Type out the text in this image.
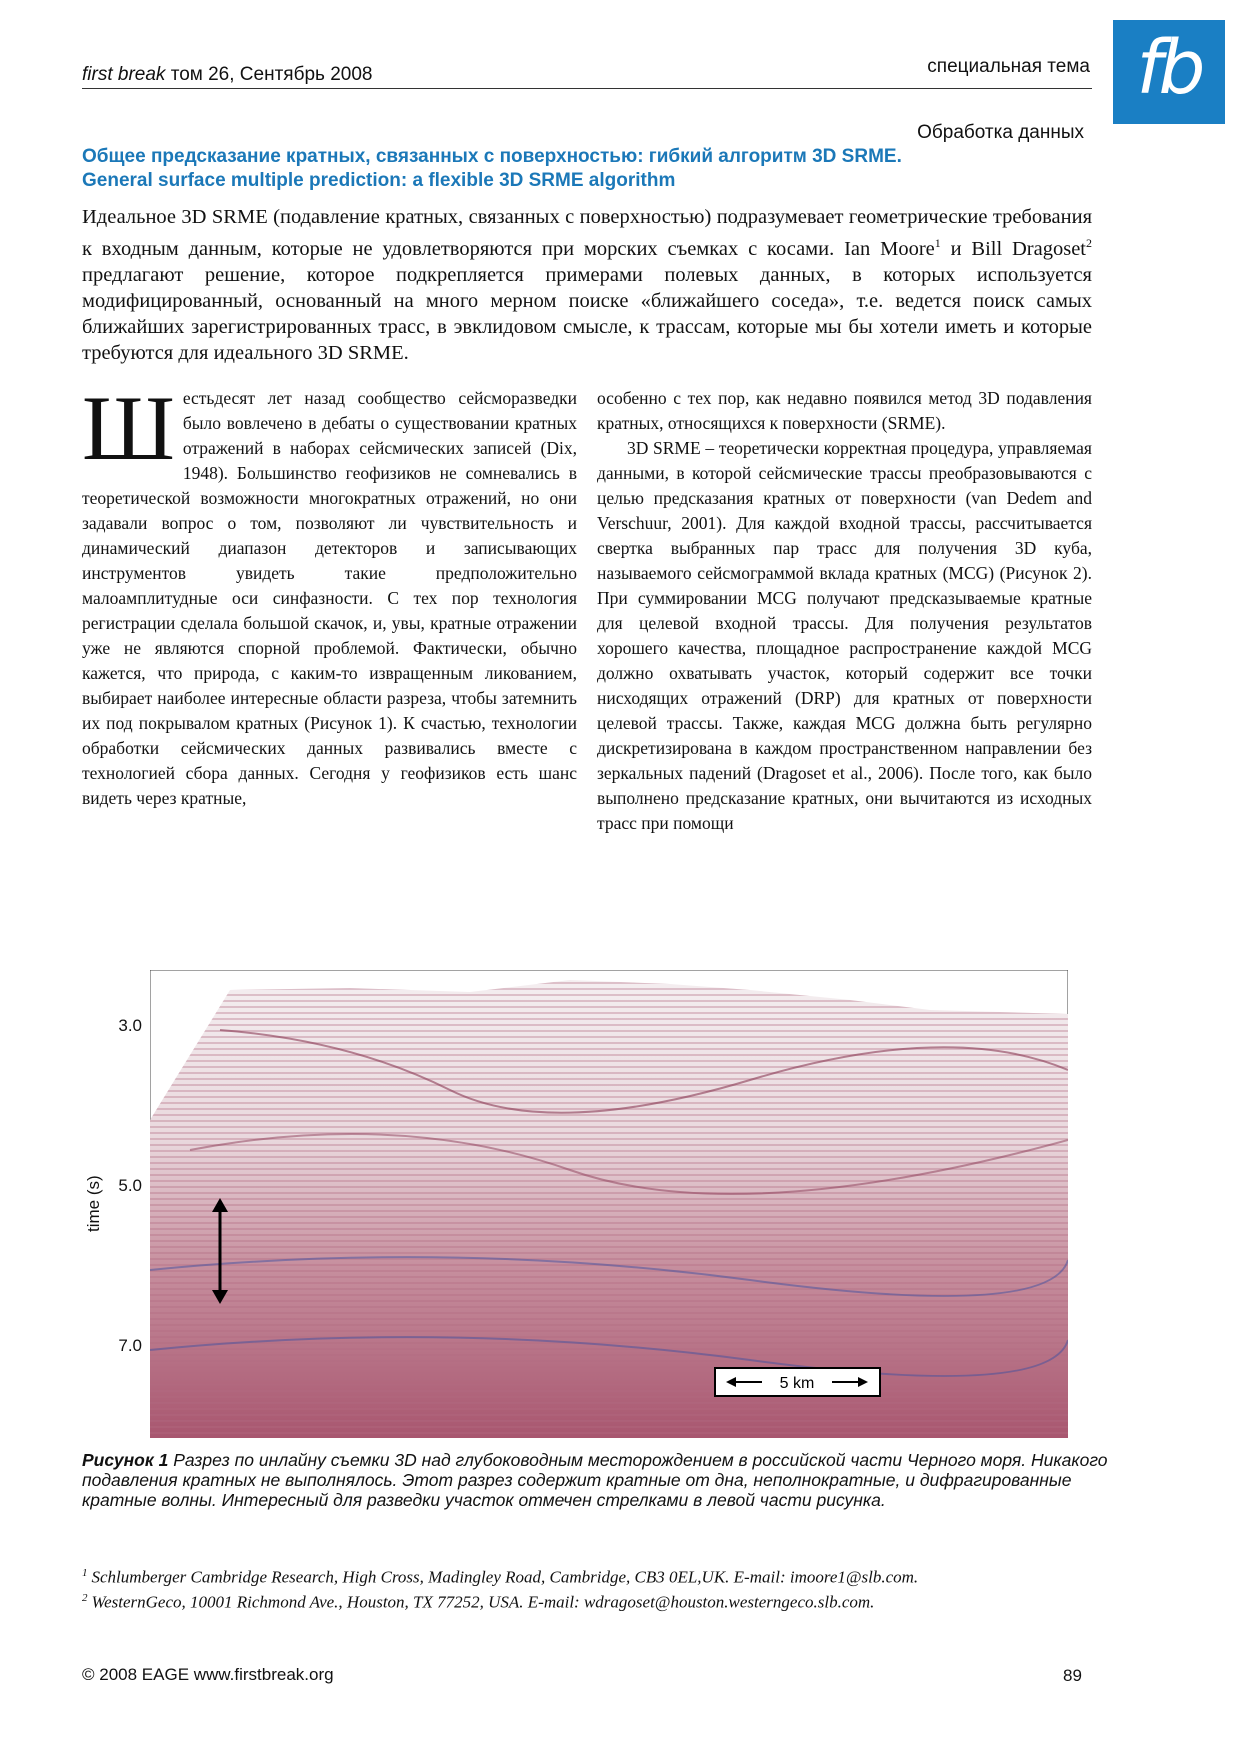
first break том 26, Сентябрь 2008	специальная тема fb
Обработка данных
Общее предсказание кратных, связанных с поверхностью: гибкий алгоритм 3D SRME.
General surface multiple prediction: a flexible 3D SRME algorithm
Идеальное 3D SRME (подавление кратных, связанных с поверхностью) подразумевает геометрические требования к входным данным, которые не удовлетворяются при морских съемках с косами. Ian Moore$^1$ и Bill Dragoset$^2$ предлагают решение, которое подкрепляется примерами полевых данных, в которых используется модифицированный, основанный на много мерном поиске «ближайшего соседа», т.е. ведется поиск самых ближайших зарегистрированных трасс, в эвклидовом смысле, к трассам, которые мы бы хотели иметь и которые требуются для идеального 3D SRME.
Ш естьдесят лет назад сообщество сейсморазведки было вовлечено в дебаты о существовании кратных отражений в наборах сейсмических записей (Dix, 1948). Большинство геофизиков не сомневались в теоретической возможности многократных отражений, но они задавали вопрос о том, позволяют ли чувствительность и динамический диапазон детекторов и записывающих инструментов увидеть такие предположительно малоамплитудные оси синфазности. С тех пор технология регистрации сделала большой скачок, и, увы, кратные отражении уже не являются спорной проблемой. Фактически, обычно кажется, что природа, с каким-то извращенным ликованием, выбирает наиболее интересные области разреза, чтобы затемнить их под покрывалом кратных (Рисунок 1). К счастью, технологии обработки сейсмических данных развивались вместе с технологией сбора данных. Сегодня у геофизиков есть шанс видеть через кратные,

особенно с тех пор, как недавно появился метод 3D подавления кратных, относящихся к поверхности (SRME).

3D SRME – теоретически корректная процедура, управляемая данными, в которой сейсмические трассы преобразовываются с целью предсказания кратных от поверхности (van Dedem and Verschuur, 2001). Для каждой входной трассы, рассчитывается свертка выбранных пар трасс для получения 3D куба, называемого сейсмограммой вклада кратных (MCG) (Рисунок 2). При суммировании MCG получают предсказываемые кратные для целевой входной трассы. Для получения результатов хорошего качества, площадное распространение каждой MCG должно охватывать участок, который содержит все точки нисходящих отражений (DRP) для кратных от поверхности целевой трассы. Также, каждая MCG должна быть регулярно дискретизирована в каждом пространственном направлении без зеркальных падений (Dragoset et al., 2006). После того, как было выполнено предсказание кратных, они вычитаются из исходных трасс при помощи

5 km
time (s)
3.0
5.0
7.0
Рисунок 1 Разрез по инлайну съемки 3D над глубоководным месторождением в российской части Черного моря. Никакого подавления кратных не выполнялось. Этот разрез содержит кратные от дна, неполнократные, и дифрагированные кратные волны. Интересный для разведки участок отмечен стрелками в левой части рисунка.
$^1$ Schlumberger Cambridge Research, High Cross, Madingley Road, Cambridge, CB3 0EL,UK. E-mail: imoore1@slb.com.
$^2$ WesternGeco, 10001 Richmond Ave., Houston, TX 77252, USA. E-mail: wdragoset@houston.westerngeco.slb.com.
© 2008 EAGE www.firstbreak.org	89
